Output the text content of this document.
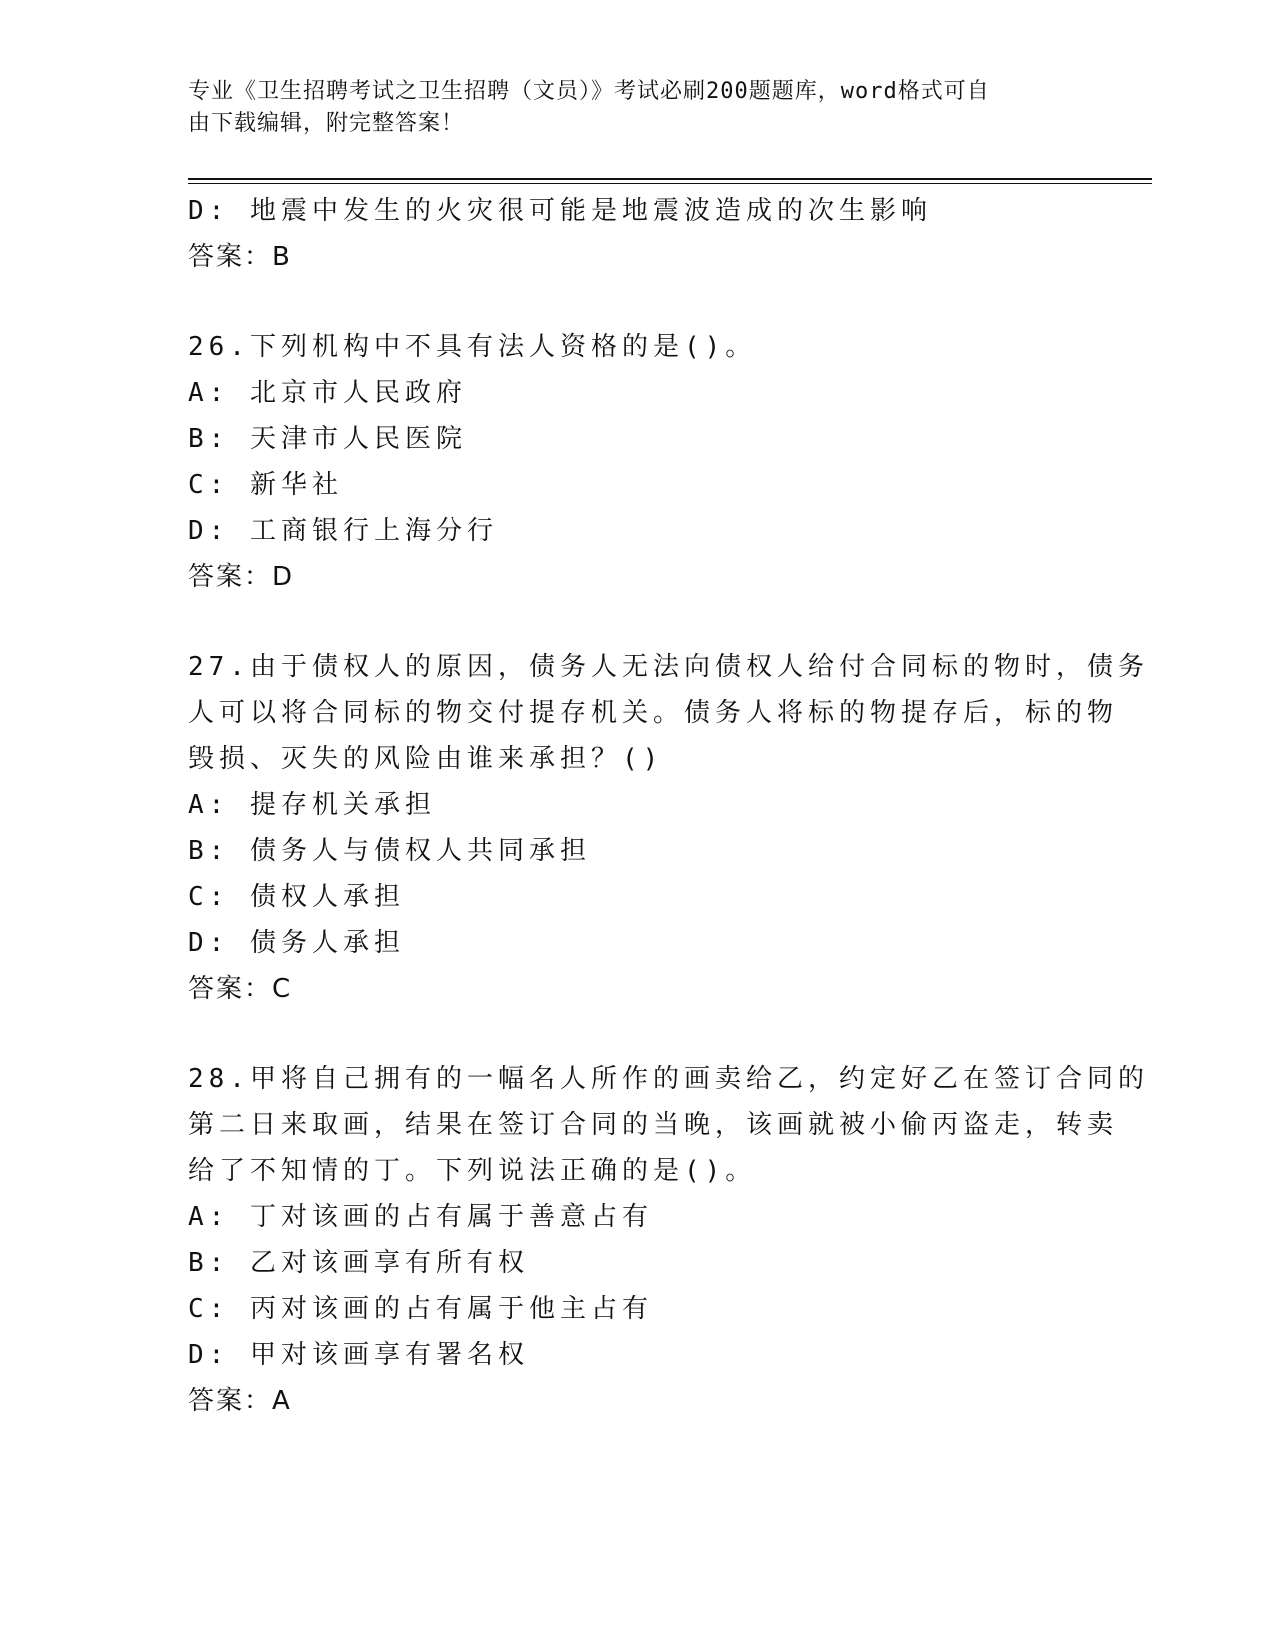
专业《卫生招聘考试之卫生招聘（文员）》考试必刷200题题库，word格式可自
由下载编辑，附完整答案！
D: 地震中发生的火灾很可能是地震波造成的次生影响
答案：B
26.下列机构中不具有法人资格的是()。
A: 北京市人民政府
B: 天津市人民医院
C: 新华社
D: 工商银行上海分行
答案：D
27.由于债权人的原因，债务人无法向债权人给付合同标的物时，债务
人可以将合同标的物交付提存机关。债务人将标的物提存后，标的物
毁损、灭失的风险由谁来承担？()
A: 提存机关承担
B: 债务人与债权人共同承担
C: 债权人承担
D: 债务人承担
答案：C
28.甲将自己拥有的一幅名人所作的画卖给乙，约定好乙在签订合同的
第二日来取画，结果在签订合同的当晚，该画就被小偷丙盗走，转卖
给了不知情的丁。下列说法正确的是()。
A: 丁对该画的占有属于善意占有
B: 乙对该画享有所有权
C: 丙对该画的占有属于他主占有
D: 甲对该画享有署名权
答案：A
